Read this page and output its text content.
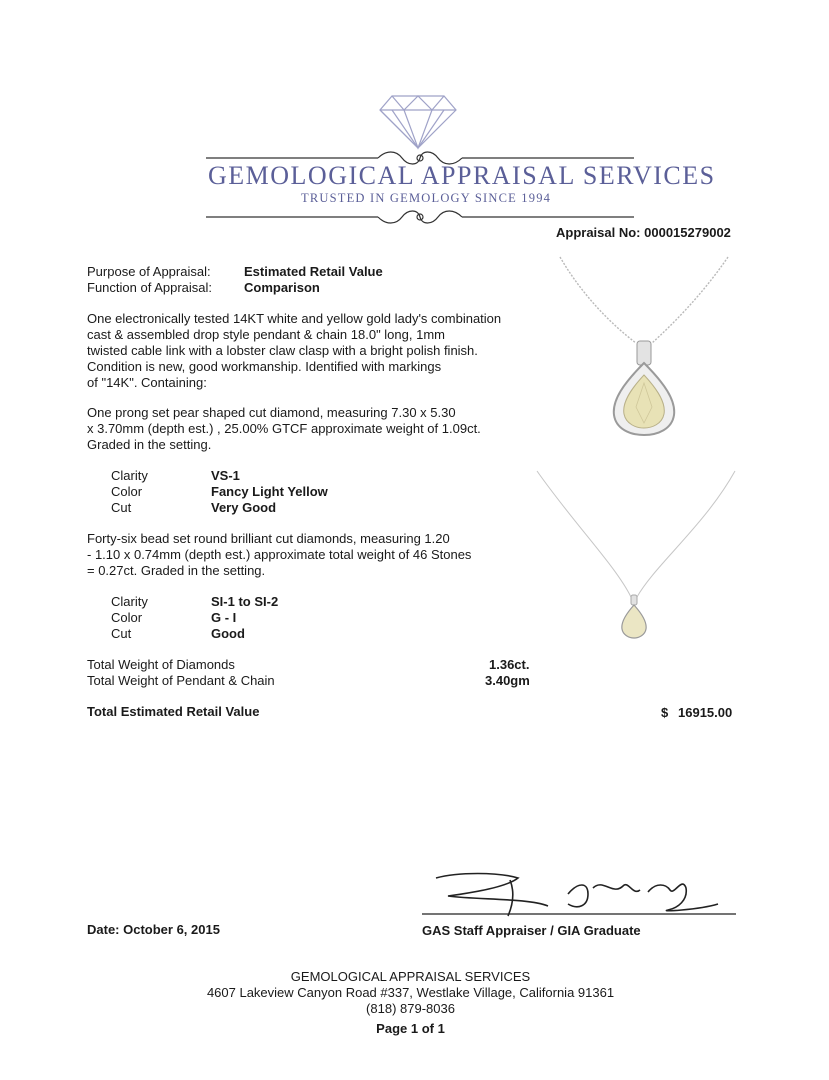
GEMOLOGICAL APPRAISAL SERVICES
TRUSTED IN GEMOLOGY SINCE 1994
Appraisal No: 000015279002
Purpose of Appraisal:	Estimated Retail Value
Function of Appraisal: Comparison
One electronically tested 14KT white and yellow gold lady's combination
cast & assembled drop style pendant & chain 18.0" long, 1mm
twisted cable link with a lobster claw clasp with a bright polish finish.
Condition is new, good workmanship. Identified with markings
of "14K". Containing:
One prong set pear shaped cut diamond, measuring 7.30 x 5.30
x 3.70mm (depth est.) , 25.00% GTCF approximate weight of 1.09ct.
Graded in the setting.
Clarity	VS-1
Color	Fancy Light Yellow
Cut	Very Good
Forty-six bead set round brilliant cut diamonds, measuring 1.20
- 1.10 x 0.74mm (depth est.) approximate total weight of 46 Stones
= 0.27ct. Graded in the setting.
Clarity	SI-1 to SI-2
Color	G - I
Cut	Good
Total Weight of Diamonds	1.36ct.
Total Weight of Pendant & Chain	3.40gm
Total Estimated Retail Value	$ 16915.00
Date: October 6, 2015	GAS Staff Appraiser / GIA Graduate
GEMOLOGICAL APPRAISAL SERVICES
4607 Lakeview Canyon Road #337, Westlake Village, California 91361
(818) 879-8036
Page 1 of 1
